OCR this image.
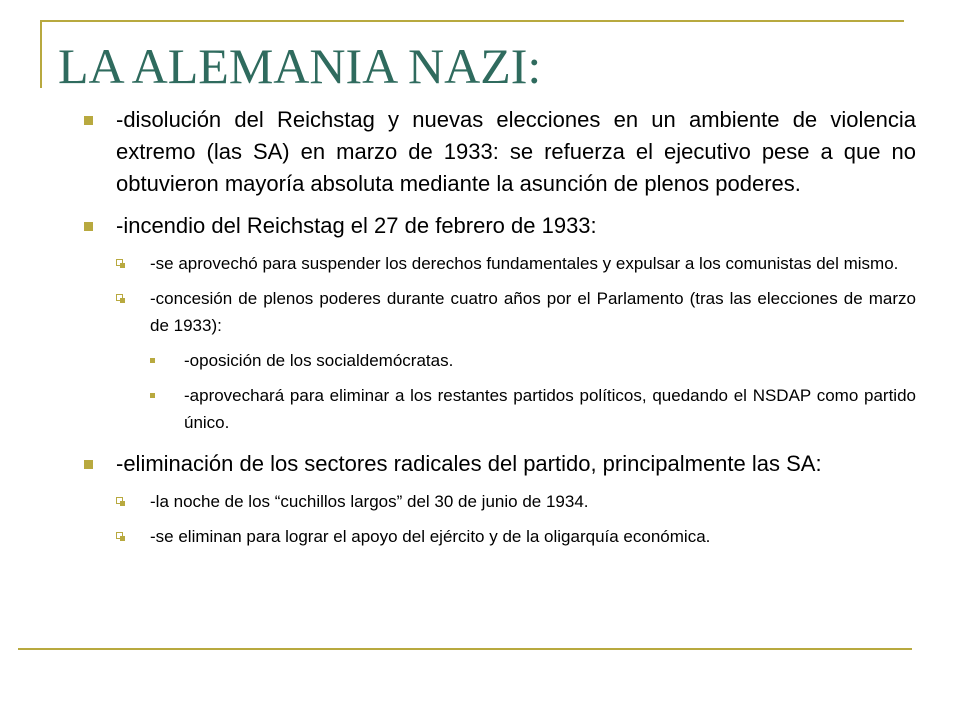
LA ALEMANIA NAZI:
-disolución del Reichstag y nuevas elecciones en un ambiente de violencia extremo (las SA) en marzo de 1933: se refuerza el ejecutivo pese a que no obtuvieron mayoría absoluta mediante la asunción de plenos poderes.
-incendio del Reichstag el 27 de febrero de 1933:
-se aprovechó para suspender los derechos fundamentales y expulsar a los comunistas del mismo.
-concesión de plenos poderes durante cuatro años por el Parlamento (tras las elecciones de marzo de 1933):
-oposición de los socialdemócratas.
-aprovechará para eliminar a los restantes partidos políticos, quedando el NSDAP como partido único.
-eliminación de los sectores radicales del partido, principalmente las SA:
-la noche de los “cuchillos largos” del 30 de junio de 1934.
-se eliminan para lograr el apoyo del ejército y de la oligarquía económica.
